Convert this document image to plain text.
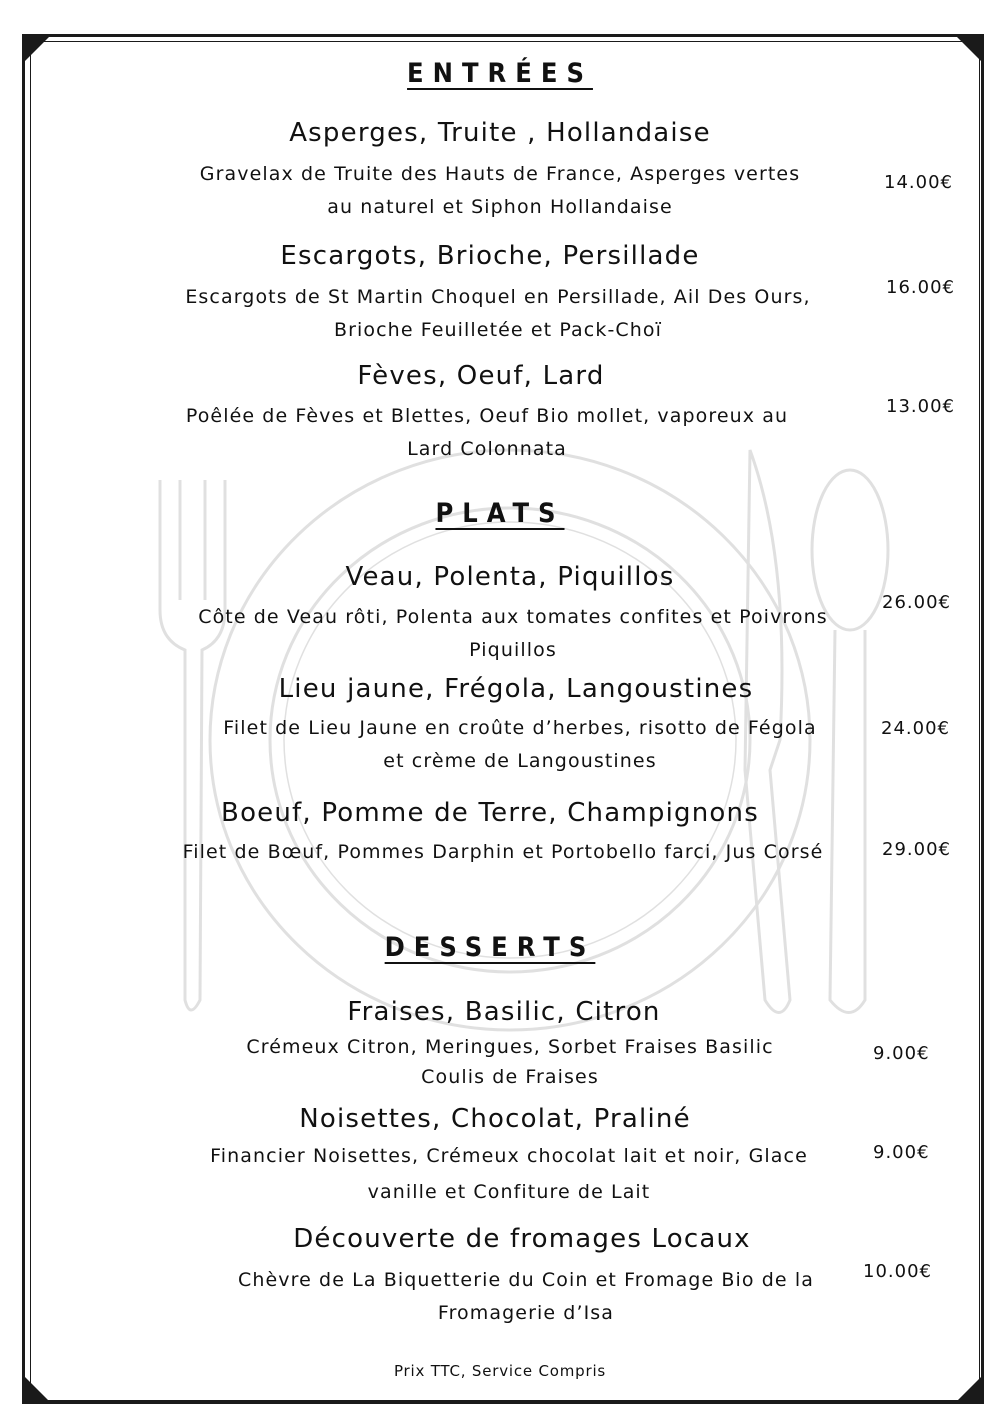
ENTRÉES
Asperges, Truite , Hollandaise
Gravelax de Truite des Hauts de France, Asperges vertes
au naturel et Siphon Hollandaise
14.00€
Escargots, Brioche, Persillade
Escargots de St Martin Choquel en Persillade, Ail Des Ours,
Brioche Feuilletée et Pack-Choï
16.00€
Fèves, Oeuf, Lard
Poêlée de Fèves et Blettes, Oeuf Bio mollet, vaporeux au
Lard Colonnata
13.00€
PLATS
Veau, Polenta, Piquillos
Côte de Veau rôti, Polenta aux tomates confites et Poivrons
Piquillos
26.00€
Lieu jaune, Frégola, Langoustines
Filet de Lieu Jaune en croûte d’herbes, risotto de Fégola
et crème de Langoustines
24.00€
Boeuf, Pomme de Terre, Champignons
Filet de Bœuf, Pommes Darphin et Portobello farci, Jus Corsé	29.00€
DESSERTS
Fraises, Basilic, Citron
Crémeux Citron, Meringues, Sorbet Fraises Basilic
Coulis de Fraises
9.00€
Noisettes, Chocolat, Praliné
Financier Noisettes, Crémeux chocolat lait et noir, Glace
vanille et Confiture de Lait
9.00€
Découverte de fromages Locaux
Chèvre de La Biquetterie du Coin et Fromage Bio de la
Fromagerie d’Isa
10.00€
Prix TTC, Service Compris
